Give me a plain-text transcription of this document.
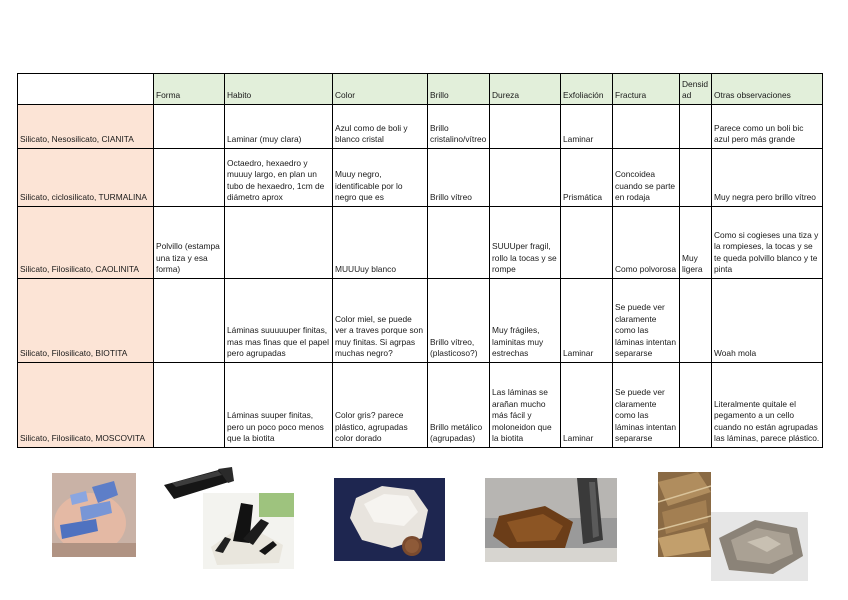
	Forma	Habito	Color	Brillo	Dureza	Exfoliación	Fractura	Densidad	Otras observaciones
Silicato, Nesosilicato, CIANITA		Laminar (muy clara)	Azul como de boli y blanco cristal	Brillo cristalino/vítreo		Laminar			Parece como un boli bic azul pero más grande
Silicato, ciclosilicato, TURMALINA		Octaedro, hexaedro y muuuy largo, en plan un tubo de hexaedro, 1cm de diámetro aprox	Muuy negro, identificable por lo negro que es	Brillo vítreo		Prismática	Concoidea cuando se parte en rodaja		Muy negra pero brillo vítreo
Silicato, Filosilicato, CAOLINITA	Polvillo (estampa una tiza y esa forma)		MUUUuy blanco		SUUUper fragil, rollo la tocas y se rompe		Como polvorosa	Muy ligera	Como si cogieses una tiza y la rompieses, la tocas y se te queda polvillo blanco y te pinta
Silicato, Filosilicato, BIOTITA		Láminas suuuuuper finitas, mas mas finas que el papel pero agrupadas	Color miel, se puede ver a traves porque son muy finitas. Si agrpas muchas negro?	Brillo vítreo, (plasticoso?)	Muy frágiles, laminitas muy estrechas	Laminar	Se puede ver claramente como las láminas intentan separarse		Woah mola
Silicato, Filosilicato, MOSCOVITA		Láminas suuper finitas, pero un poco poco menos que la biotita	Color gris? parece plástico, agrupadas color dorado	Brillo metálico (agrupadas)	Las láminas se arañan mucho más fácil y moloneidon que la biotita	Laminar	Se puede ver claramente como las láminas intentan separarse		Literalmente quitale el pegamento a un cello cuando no están agrupadas las láminas, parece plástico.
